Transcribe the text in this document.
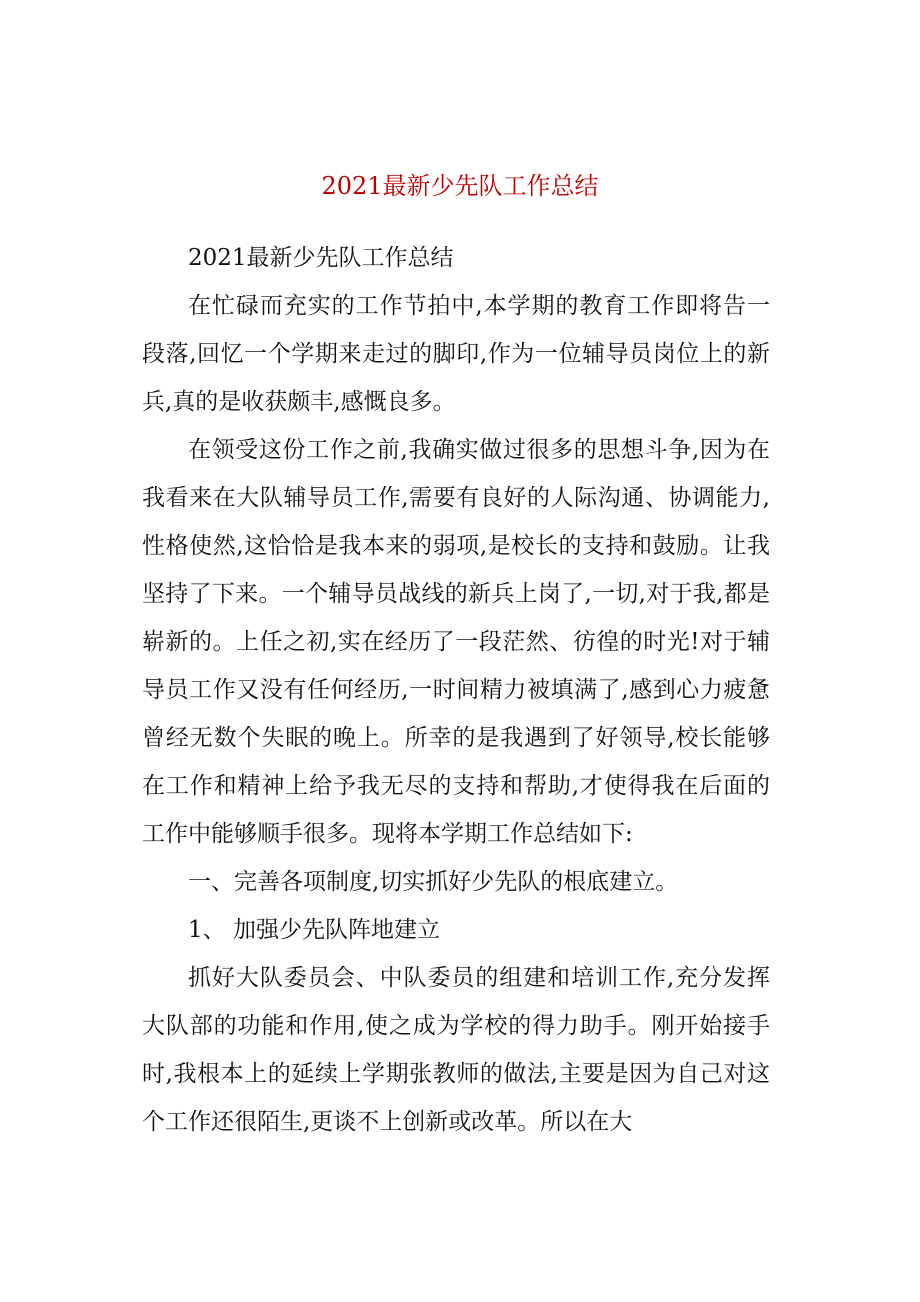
2021最新少先队工作总结

2021最新少先队工作总结

在忙碌而充实的工作节拍中,本学期的教育工作即将告一段落,回忆一个学期来走过的脚印,作为一位辅导员岗位上的新兵,真的是收获颇丰,感慨良多。

在领受这份工作之前,我确实做过很多的思想斗争,因为在我看来在大队辅导员工作,需要有良好的人际沟通、协调能力,性格使然,这恰恰是我本来的弱项,是校长的支持和鼓励。让我坚持了下来。一个辅导员战线的新兵上岗了,一切,对于我,都是崭新的。上任之初,实在经历了一段茫然、彷徨的时光!对于辅导员工作又没有任何经历,一时间精力被填满了,感到心力疲惫曾经无数个失眠的晚上。所幸的是我遇到了好领导,校长能够在工作和精神上给予我无尽的支持和帮助,才使得我在后面的工作中能够顺手很多。现将本学期工作总结如下:

一、完善各项制度,切实抓好少先队的根底建立。

1、 加强少先队阵地建立

抓好大队委员会、中队委员的组建和培训工作,充分发挥大队部的功能和作用,使之成为学校的得力助手。刚开始接手时,我根本上的延续上学期张教师的做法,主要是因为自己对这个工作还很陌生,更谈不上创新或改革。所以在大
